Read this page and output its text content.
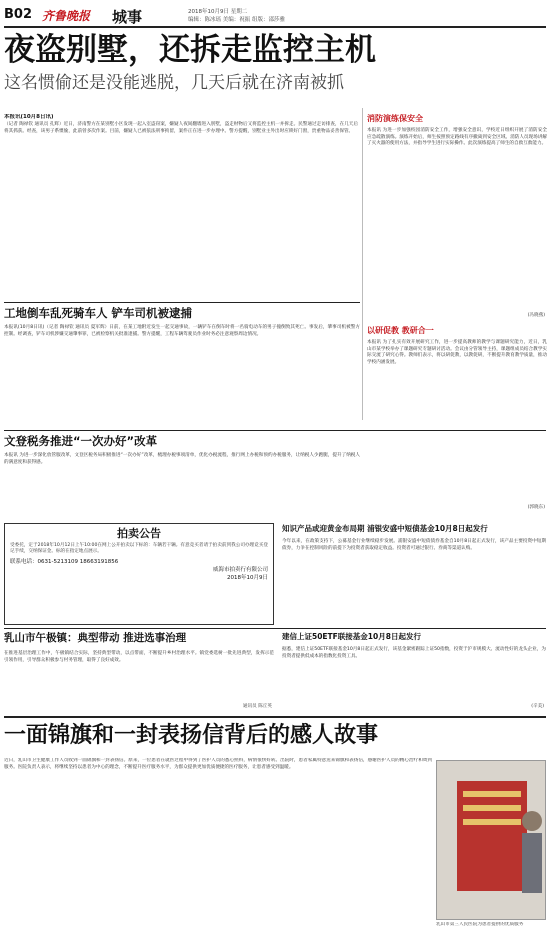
B02 齐鲁晚报 城事	2018年10月9日 星期二
编辑：陈冰瑶 美编：祝振 组版：邵莎雅
夜盗别墅，还拆走监控主机
这名惯偷还是没能逃脱，几天后就在济南被抓
本报讯(10月8日讯)
（记者 陶禄钦 通讯员 孔辉）近日，济南警方在某别墅小区发现一起入室盗窃案，嫌疑人夜间翻墙进入别墅，盗走财物后又将监控主机一并拆走。民警通过走访排查，在几天后将其抓获。经查，该男子系惯偷，此前曾多次作案。目前，嫌疑人已被依法刑事拘留，案件正在进一步办理中。警方提醒，别墅业主外出时应锁好门窗，贵重物品妥善保管。
消防演练保安全
本报讯 为进一步加强校园消防安全工作，增强安全意识，学校近日组织开展了消防安全应急疏散演练。演练开始后，师生按照预定路线有序撤离到安全区域。消防人员现场讲解了灭火器的使用方法，并指导学生进行实际操作。此次演练提高了师生的自救互救能力。
(冯晓燕)
以研促教 教研合一
本报讯 为了扎实有效开展研究工作，进一步提高教师的教学与课题研究能力，近日，乳山市某学校举办了课题研究专题研讨活动。会议由分管领导主持，课题组成员结合教学实际交流了研究心得。教师们表示，将以研促教，以教促研，不断提升教育教学质量，推动学校内涵发展。
(郭晓东)
工地倒车乱死骑车人 铲车司机被逮捕
本报讯(10月8日讯)（记者 陶禄钦 通讯员 夏军辉）日前，在某工地附近发生一起交通事故，一辆铲车在倒车时将一名骑电动车的男子撞倒致其死亡。事发后，肇事司机被警方控制。经调查，铲车司机涉嫌交通肇事罪，已被检察机关批准逮捕。警方提醒，工程车辆驾驶员作业时务必注意观察周边情况。
文登税务推进“一次办好”改革
本报讯 为进一步深化放管服改革，文登区税务局积极推进“一次办好”改革，梳理办税事项清单，优化办税流程，推行网上办税和预约办税服务，让纳税人少跑腿，提升了纳税人的满意度和获得感。
拍卖公告
受委托，定于2018年10月12日上午10:00在网上公开拍卖以下标的：车辆若干辆。有意竞买者请于拍卖前到我公司办理竞买登记手续，交纳保证金。标的在指定地点展示。
联系电话：0631-5213109 18663191856
威海市拍卖行有限公司
2018年10月9日
知识产品或迎黄金布局期 浦银安盛中短债基金10月8日起发行
今年以来，在政策支持下，公募基金行业继续稳步发展。浦银安盛中短债债券基金自10月8日起正式发行，该产品主要投资中短期债券，力争在控制风险的前提下为投资者获取稳定收益。投资者可通过银行、券商等渠道认购。
乳山市午极镇：典型带动 推进选事治理
在推进基层治理工作中，午极镇结合实际，坚持典型带动，以点带面，不断提升乡村治理水平。镇党委选树一批先进典型，发挥示范引领作用，引导群众积极参与村务管理，取得了良好成效。
通讯员 陈丘英
建信上证50ETF联接基金10月8日起发行
据悉，建信上证50ETF联接基金10月8日起正式发行，该基金紧密跟踪上证50指数，投资于沪市规模大、流动性好的龙头企业，为投资者提供低成本的指数化投资工具。
(辛美)
一面锦旗和一封表扬信背后的感人故事
近日，乳山市卫生健康工作人员收到一面锦旗和一封表扬信。原来，一位患者在就医过程中得到了医护人员的悉心照料，病情很快好转。出院时，患者家属特意送来锦旗和表扬信，感谢医护人员的精心治疗和周到服务。医院负责人表示，将继续坚持以患者为中心的理念，不断提升医疗服务水平，为群众提供更加优质便捷的医疗服务，让患者感受到温暖。
乳山市第三人民医院为患者提供的优质服务
